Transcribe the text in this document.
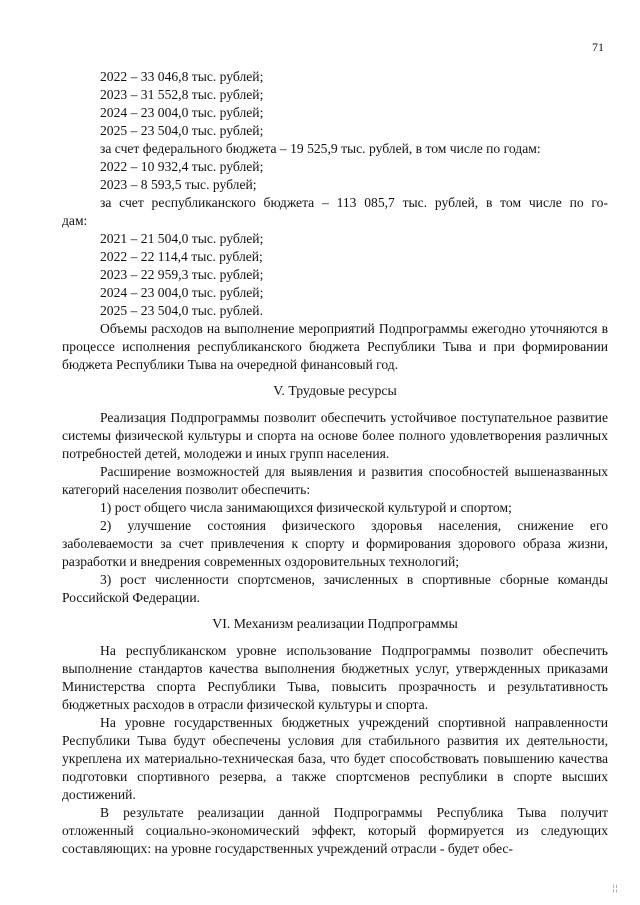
71

2022 – 33 046,8 тыс. рублей;

2023 – 31 552,8 тыс. рублей;

2024 – 23 004,0 тыс. рублей;

2025 – 23 504,0 тыс. рублей;

за счет федерального бюджета – 19 525,9 тыс. рублей, в том числе по годам:

2022 – 10 932,4 тыс. рублей;

2023 – 8 593,5 тыс. рублей;

за счет республиканского бюджета – 113 085,7 тыс. рублей, в том числе по го-

дам:

2021 – 21 504,0 тыс. рублей;

2022 – 22 114,4 тыс. рублей;

2023 – 22 959,3 тыс. рублей;

2024 – 23 004,0 тыс. рублей;

2025 – 23 504,0 тыс. рублей.

Объемы расходов на выполнение мероприятий Подпрограммы ежегодно уточняются в процессе исполнения республиканского бюджета Республики Тыва и при формировании бюджета Республики Тыва на очередной финансовый год.

V. Трудовые ресурсы

Реализация Подпрограммы позволит обеспечить устойчивое поступательное развитие системы физической культуры и спорта на основе более полного удовлетворения различных потребностей детей, молодежи и иных групп населения.

Расширение возможностей для выявления и развития способностей вышеназванных категорий населения позволит обеспечить:

1) рост общего числа занимающихся физической культурой и спортом;

2) улучшение состояния физического здоровья населения, снижение его заболеваемости за счет привлечения к спорту и формирования здорового образа жизни, разработки и внедрения современных оздоровительных технологий;

3) рост численности спортсменов, зачисленных в спортивные сборные команды Российской Федерации.

VI. Механизм реализации Подпрограммы

На республиканском уровне использование Подпрограммы позволит обеспечить выполнение стандартов качества выполнения бюджетных услуг, утвержденных приказами Министерства спорта Республики Тыва, повысить прозрачность и результативность бюджетных расходов в отрасли физической культуры и спорта.

На уровне государственных бюджетных учреждений спортивной направленности Республики Тыва будут обеспечены условия для стабильного развития их деятельности, укреплена их материально-техническая база, что будет способствовать повышению качества подготовки спортивного резерва, а также спортсменов республики в спорте высших достижений.

В результате реализации данной Подпрограммы Республика Тыва получит отложенный социально-экономический эффект, который формируется из следующих составляющих: на уровне государственных учреждений отрасли - будет обес-

¦¦
